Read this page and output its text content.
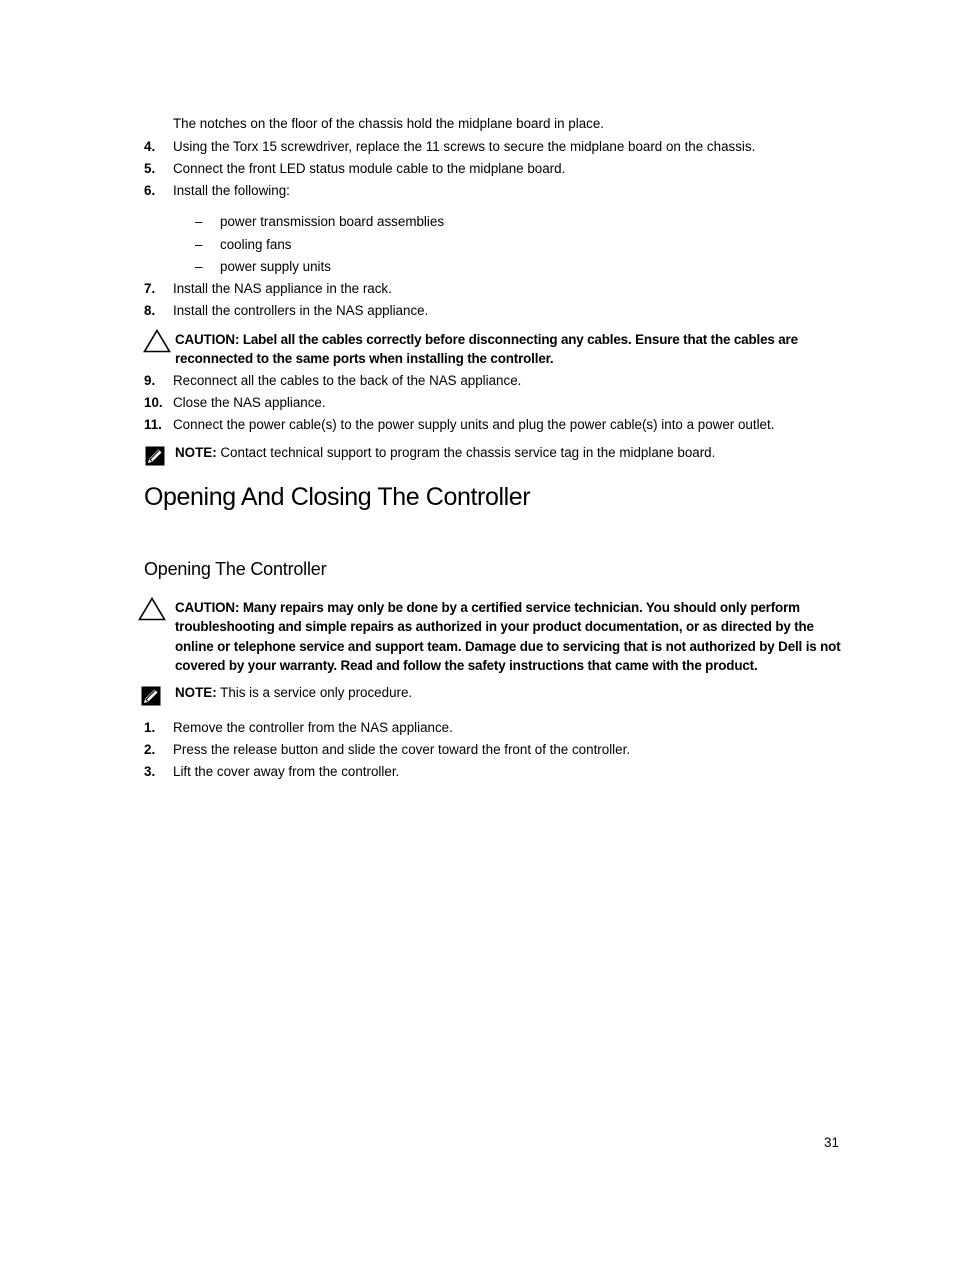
The notches on the floor of the chassis hold the midplane board in place.
4. Using the Torx 15 screwdriver, replace the 11 screws to secure the midplane board on the chassis.
5. Connect the front LED status module cable to the midplane board.
6. Install the following:
– power transmission board assemblies
– cooling fans
– power supply units
7. Install the NAS appliance in the rack.
8. Install the controllers in the NAS appliance.
CAUTION: Label all the cables correctly before disconnecting any cables. Ensure that the cables are reconnected to the same ports when installing the controller.
9. Reconnect all the cables to the back of the NAS appliance.
10. Close the NAS appliance.
11. Connect the power cable(s) to the power supply units and plug the power cable(s) into a power outlet.
NOTE: Contact technical support to program the chassis service tag in the midplane board.
Opening And Closing The Controller
Opening The Controller
CAUTION: Many repairs may only be done by a certified service technician. You should only perform troubleshooting and simple repairs as authorized in your product documentation, or as directed by the online or telephone service and support team. Damage due to servicing that is not authorized by Dell is not covered by your warranty. Read and follow the safety instructions that came with the product.
NOTE: This is a service only procedure.
1. Remove the controller from the NAS appliance.
2. Press the release button and slide the cover toward the front of the controller.
3. Lift the cover away from the controller.
31
